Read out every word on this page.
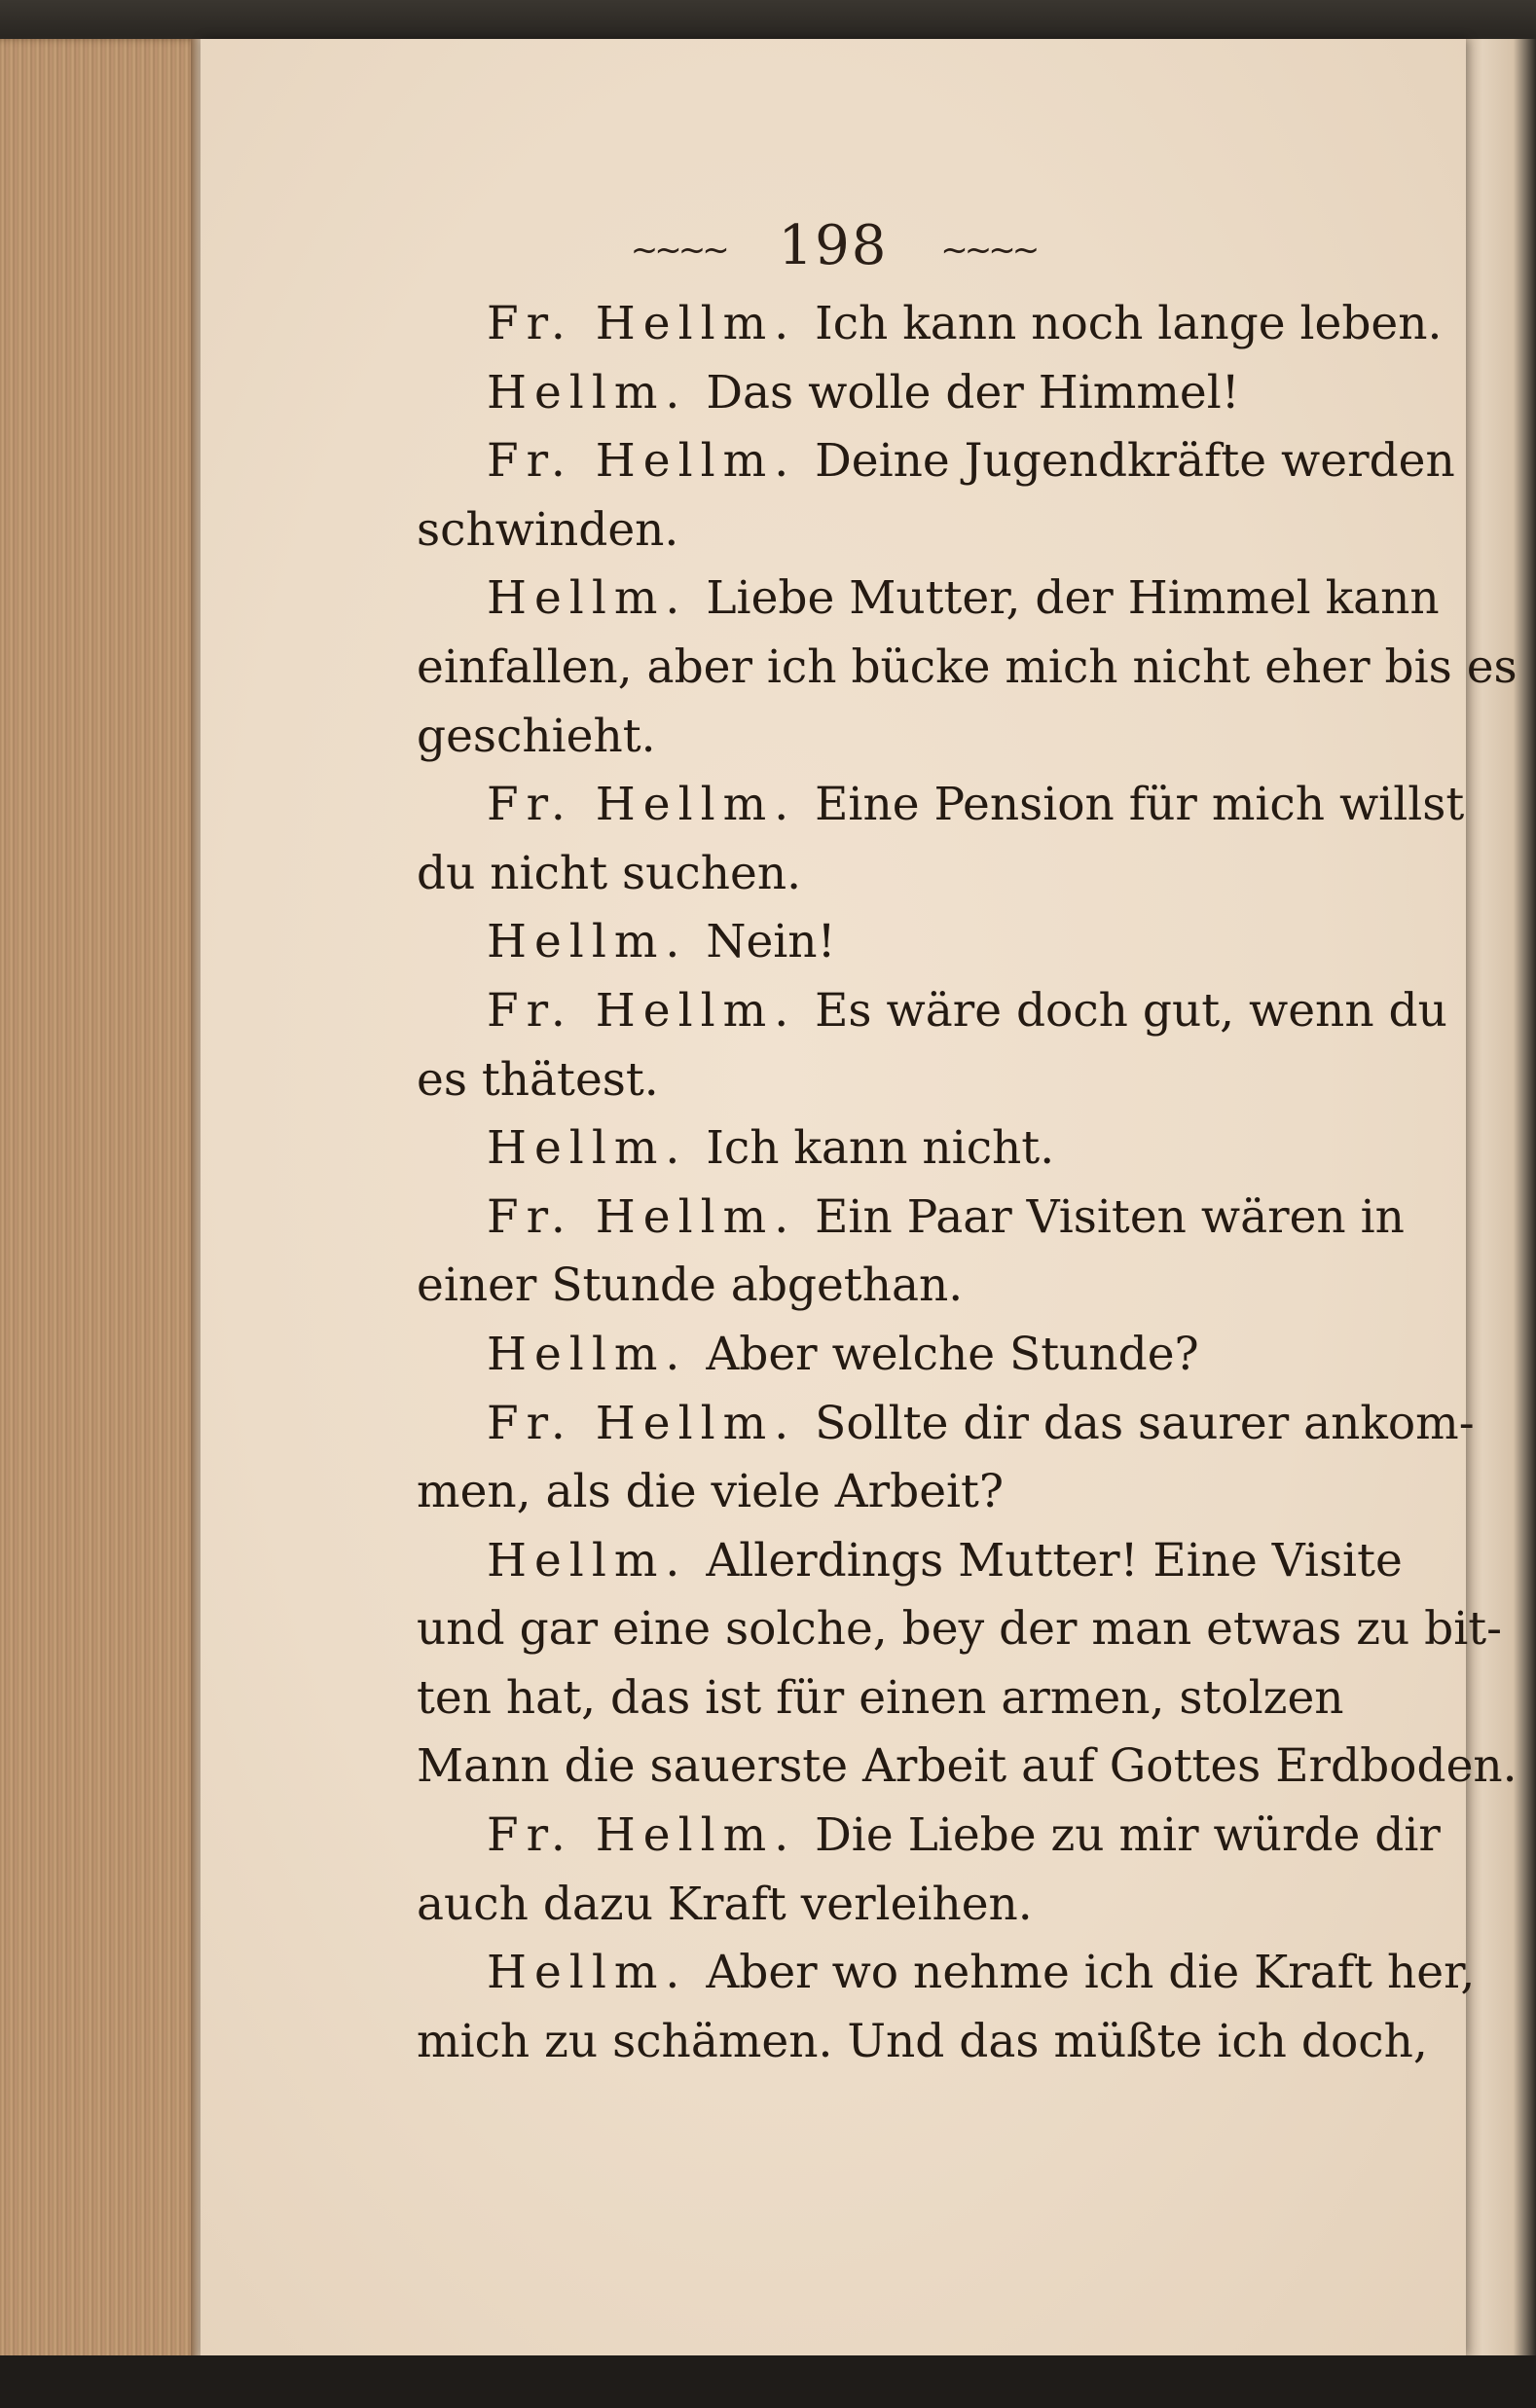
~~~~ 198 ~~~~
Fr. Hellm. Ich kann noch lange leben.
Hellm. Das wolle der Himmel!
Fr. Hellm. Deine Jugendkräfte werden
schwinden.
Hellm. Liebe Mutter, der Himmel kann
einfallen, aber ich bücke mich nicht eher bis es
geschieht.
Fr. Hellm. Eine Pension für mich willst
du nicht suchen.
Hellm. Nein!
Fr. Hellm. Es wäre doch gut, wenn du
es thätest.
Hellm. Ich kann nicht.
Fr. Hellm. Ein Paar Visiten wären in
einer Stunde abgethan.
Hellm. Aber welche Stunde?
Fr. Hellm. Sollte dir das saurer ankom-
men, als die viele Arbeit?
Hellm. Allerdings Mutter! Eine Visite
und gar eine solche, bey der man etwas zu bit-
ten hat, das ist für einen armen, stolzen
Mann die sauerste Arbeit auf Gottes Erdboden.
Fr. Hellm. Die Liebe zu mir würde dir
auch dazu Kraft verleihen.
Hellm. Aber wo nehme ich die Kraft her,
mich zu schämen. Und das müßte ich doch,
